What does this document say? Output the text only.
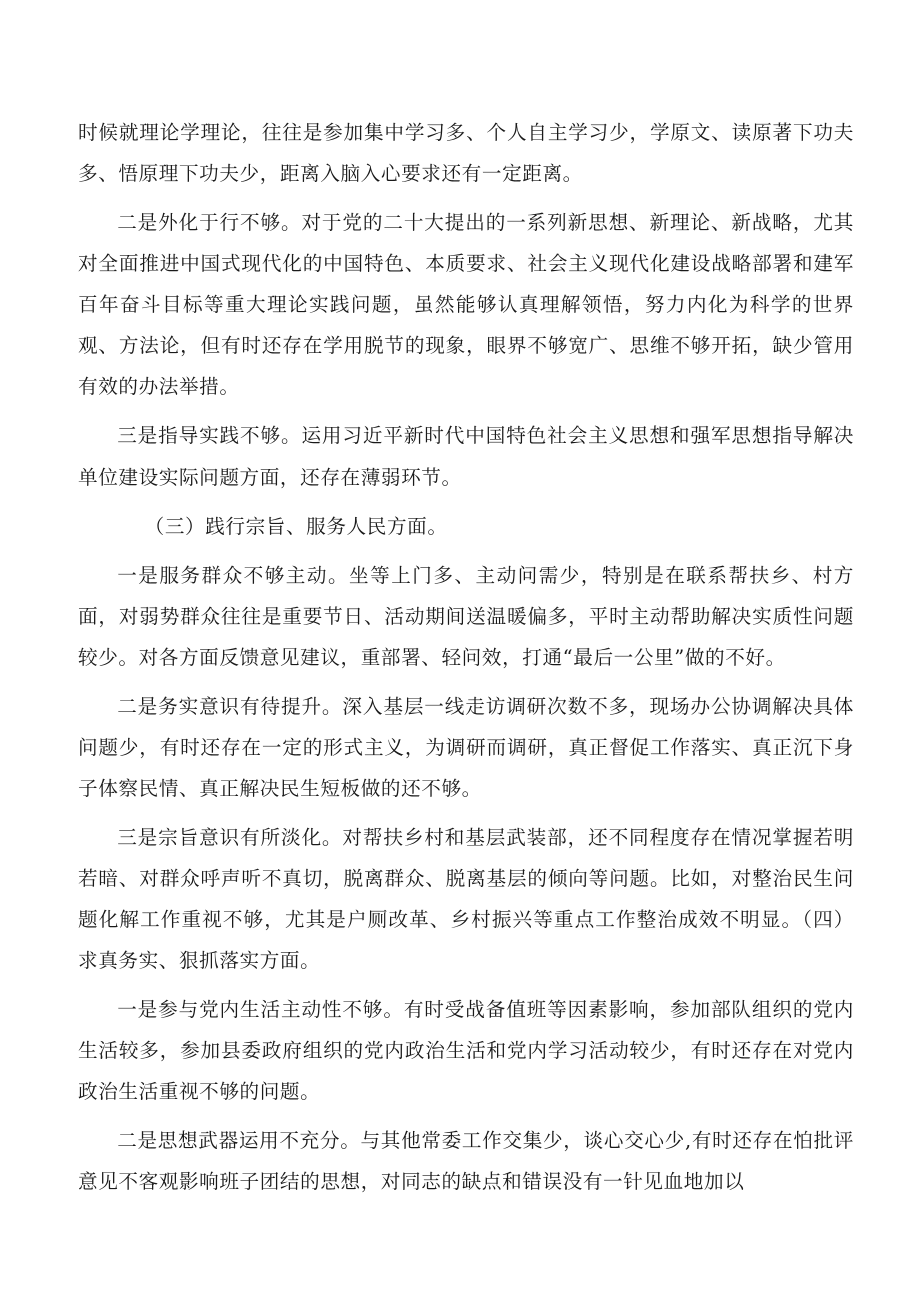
时候就理论学理论，往往是参加集中学习多、个人自主学习少，学原文、读原著下功夫多、悟原理下功夫少，距离入脑入心要求还有一定距离。

二是外化于行不够。对于党的二十大提出的一系列新思想、新理论、新战略，尤其对全面推进中国式现代化的中国特色、本质要求、社会主义现代化建设战略部署和建军百年奋斗目标等重大理论实践问题，虽然能够认真理解领悟，努力内化为科学的世界观、方法论，但有时还存在学用脱节的现象，眼界不够宽广、思维不够开拓，缺少管用有效的办法举措。

三是指导实践不够。运用习近平新时代中国特色社会主义思想和强军思想指导解决单位建设实际问题方面，还存在薄弱环节。

（三）践行宗旨、服务人民方面。

一是服务群众不够主动。坐等上门多、主动问需少，特别是在联系帮扶乡、村方面，对弱势群众往往是重要节日、活动期间送温暖偏多，平时主动帮助解决实质性问题较少。对各方面反馈意见建议，重部署、轻问效，打通“最后一公里”做的不好。

二是务实意识有待提升。深入基层一线走访调研次数不多，现场办公协调解决具体问题少，有时还存在一定的形式主义，为调研而调研，真正督促工作落实、真正沉下身子体察民情、真正解决民生短板做的还不够。

三是宗旨意识有所淡化。对帮扶乡村和基层武装部，还不同程度存在情况掌握若明若暗、对群众呼声听不真切，脱离群众、脱离基层的倾向等问题。比如，对整治民生问题化解工作重视不够，尤其是户厕改革、乡村振兴等重点工作整治成效不明显。（四）求真务实、狠抓落实方面。

一是参与党内生活主动性不够。有时受战备值班等因素影响，参加部队组织的党内生活较多，参加县委政府组织的党内政治生活和党内学习活动较少，有时还存在对党内政治生活重视不够的问题。

二是思想武器运用不充分。与其他常委工作交集少，谈心交心少,有时还存在怕批评意见不客观影响班子团结的思想，对同志的缺点和错误没有一针见血地加以
